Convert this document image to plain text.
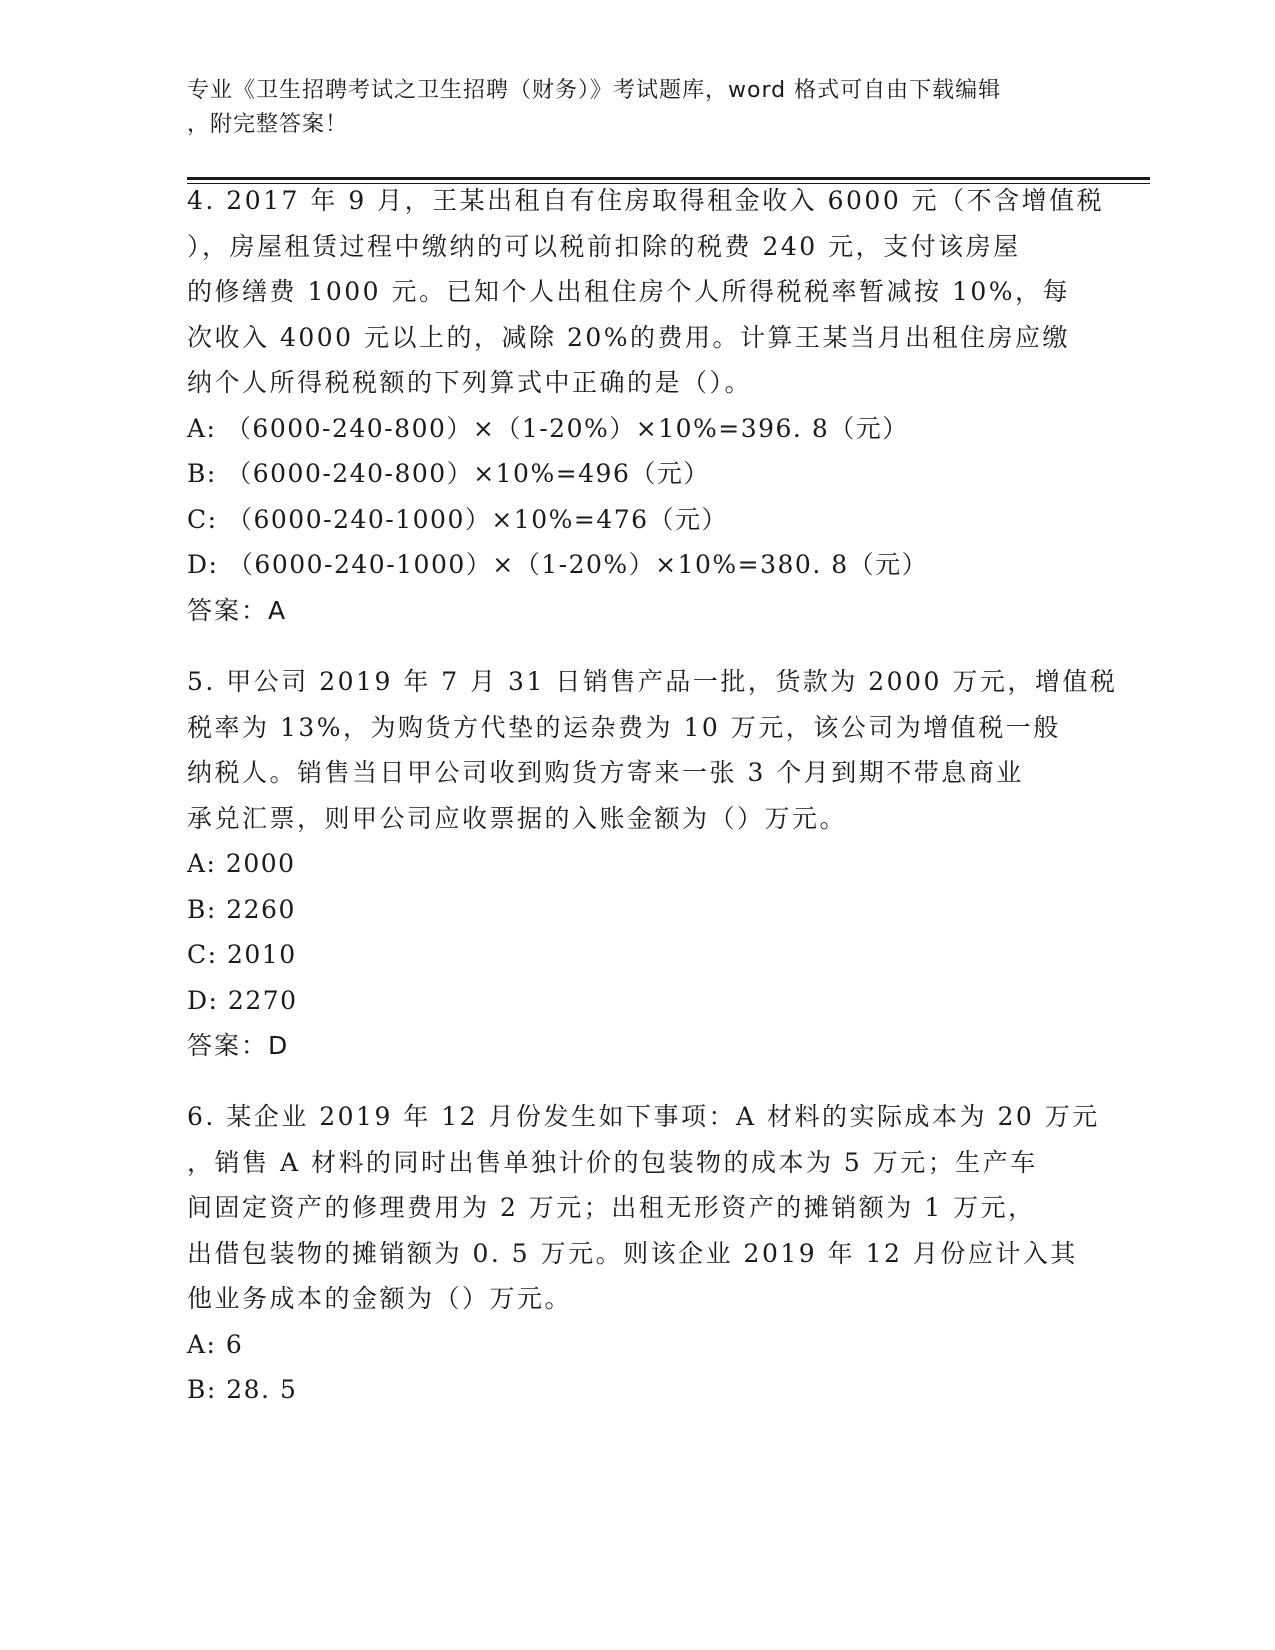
专业《卫生招聘考试之卫生招聘（财务）》考试题库，word 格式可自由下载编辑
，附完整答案！
4. 2017 年 9 月，王某出租自有住房取得租金收入 6000 元（不含增值税
），房屋租赁过程中缴纳的可以税前扣除的税费 240 元，支付该房屋
的修缮费 1000 元。已知个人出租住房个人所得税税率暂减按 10%，每
次收入 4000 元以上的，减除 20%的费用。计算王某当月出租住房应缴
纳个人所得税税额的下列算式中正确的是（）。
A: （6000-240-800）×（1-20%）×10%=396. 8（元）
B: （6000-240-800）×10%=496（元）
C: （6000-240-1000）×10%=476（元）
D: （6000-240-1000）×（1-20%）×10%=380. 8（元）
答案：A
5. 甲公司 2019 年 7 月 31 日销售产品一批，货款为 2000 万元，增值税
税率为 13%，为购货方代垫的运杂费为 10 万元，该公司为增值税一般
纳税人。销售当日甲公司收到购货方寄来一张 3 个月到期不带息商业
承兑汇票，则甲公司应收票据的入账金额为（）万元。
A: 2000
B: 2260
C: 2010
D: 2270
答案：D
6. 某企业 2019 年 12 月份发生如下事项：A 材料的实际成本为 20 万元
，销售 A 材料的同时出售单独计价的包装物的成本为 5 万元；生产车
间固定资产的修理费用为 2 万元；出租无形资产的摊销额为 1 万元，
出借包装物的摊销额为 0. 5 万元。则该企业 2019 年 12 月份应计入其
他业务成本的金额为（）万元。
A: 6
B: 28. 5
